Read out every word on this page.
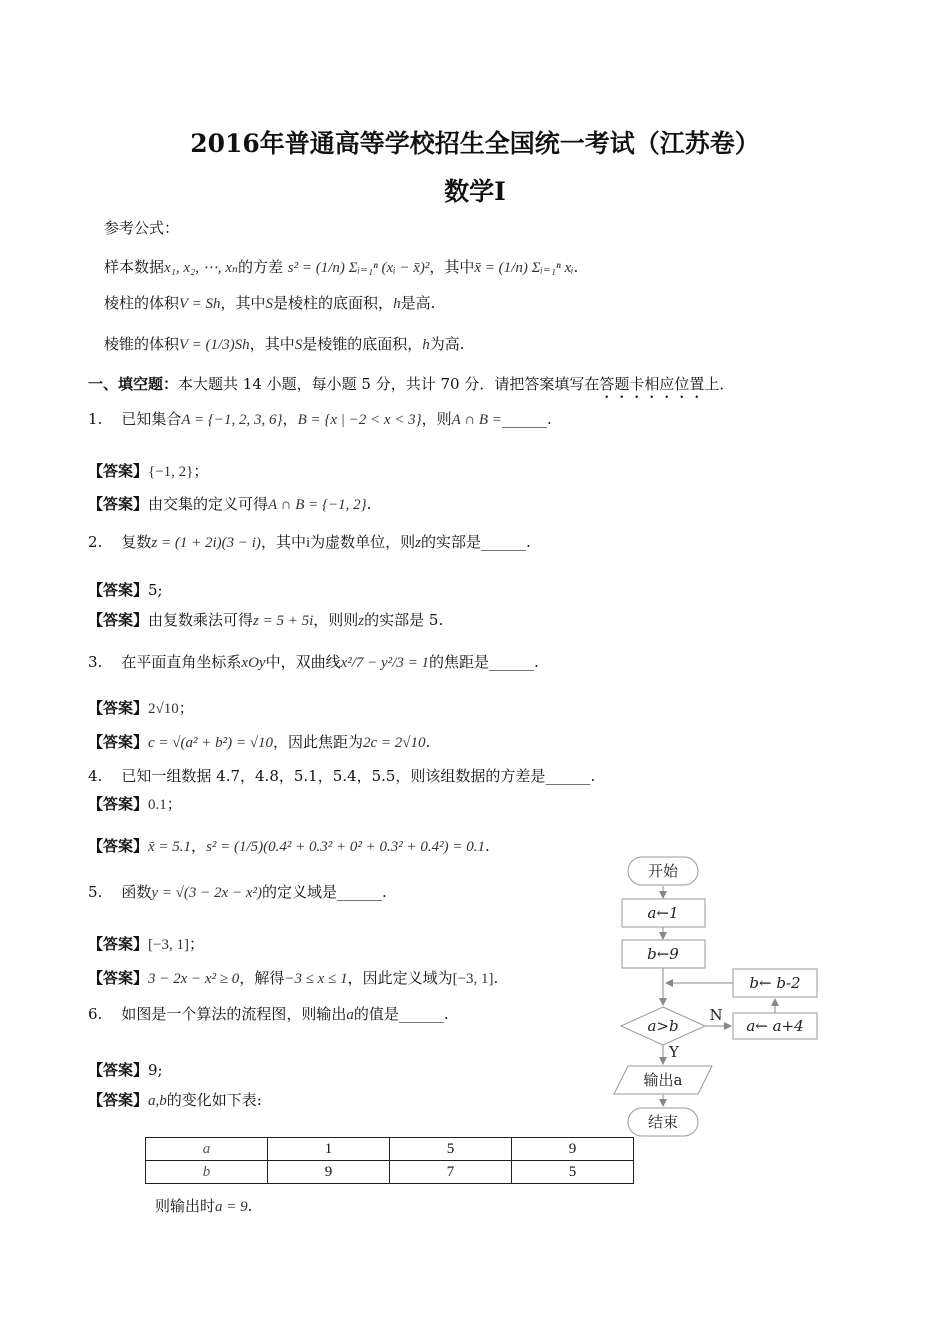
2016年普通高等学校招生全国统一考试（江苏卷）
数学Ⅰ
参考公式：
样本数据x₁, x₂, ⋯, xₙ的方差 s² = (1/n) Σᵢ₌₁ⁿ (xᵢ − x̄)²，其中x̄ = (1/n) Σᵢ₌₁ⁿ xᵢ.
棱柱的体积V = Sh，其中S是棱柱的底面积，h是高.
棱锥的体积V = (1/3)Sh，其中S是棱锥的底面积，h为高.
一、填空题：本大题共 14 小题，每小题 5 分，共计 70 分．请把答案填写在答题卡相应位置上．
1. 已知集合A = {−1, 2, 3, 6}，B = {x | −2 < x < 3}，则A ∩ B =______.
【答案】{−1, 2}；
【答案】由交集的定义可得A ∩ B = {−1, 2}.
2. 复数z = (1 + 2i)(3 − i)，其中i为虚数单位，则z的实部是______.
【答案】5;
【答案】由复数乘法可得z = 5 + 5i，则则z的实部是 5.
3. 在平面直角坐标系xOy中，双曲线x²/7 − y²/3 = 1的焦距是______.
【答案】2√10；
【答案】c = √(a² + b²) = √10，因此焦距为2c = 2√10.
4. 已知一组数据 4.7，4.8，5.1，5.4，5.5，则该组数据的方差是______.
【答案】0.1；
【答案】x̄ = 5.1，s² = (1/5)(0.4² + 0.3² + 0² + 0.3² + 0.4²) = 0.1.
5. 函数y = √(3 − 2x − x²)的定义域是______.
【答案】[−3, 1]；
【答案】3 − 2x − x² ≥ 0，解得−3 ≤ x ≤ 1，因此定义域为[−3, 1].
6. 如图是一个算法的流程图，则输出a的值是______.
【答案】9;
【答案】a,b的变化如下表:
a	1	5	9
b	9	7	5
则输出时a = 9.
开始
a←1
b←9
a>b
N
Y
a← a+4
b← b-2
输出a
结束
